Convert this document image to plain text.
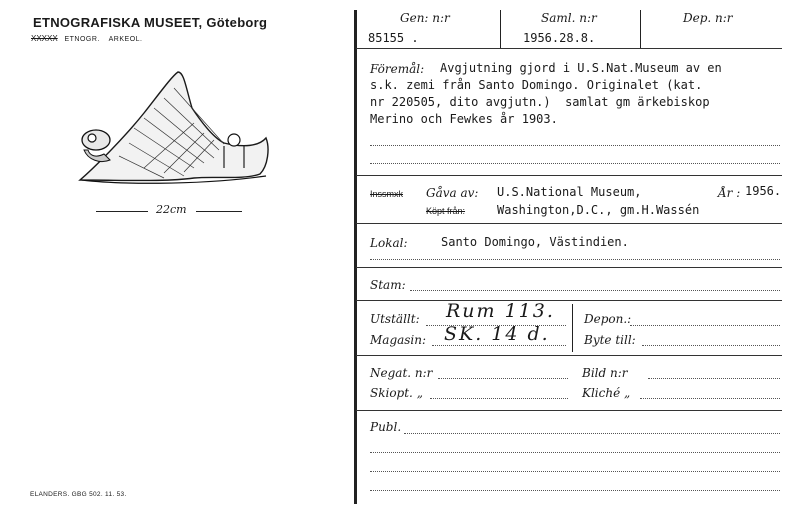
ETNOGRAFISKA MUSEET, Göteborg
XXXXX ETNOGR. ARKEOL.
22cm
ELANDERS. GBG 502. 11. 53.
Gen: n:r
85155 .
Saml. n:r
1956.28.8.
Dep. n:r
Föremål: Avgjutning gjord i U.S.Nat.Museum av en
s.k. zemi från Santo Domingo. Originalet (kat.
nr 220505, dito avgjutn.)  samlat gm ärkebiskop
Merino och Fewkes år 1903.
Inssmxk Gåva av: U.S.National Museum,	År : 1956.
Köpt från:	Washington,D.C., gm.H.Wassén
Lokal:	Santo Domingo, Västindien.
Stam:
Utställt: Rum 113.
Magasin: SK. 14 d.
Depon.:
Byte till:
Negat. n:r	Bild n:r
Skiopt. „	Kliché „
Publ.
